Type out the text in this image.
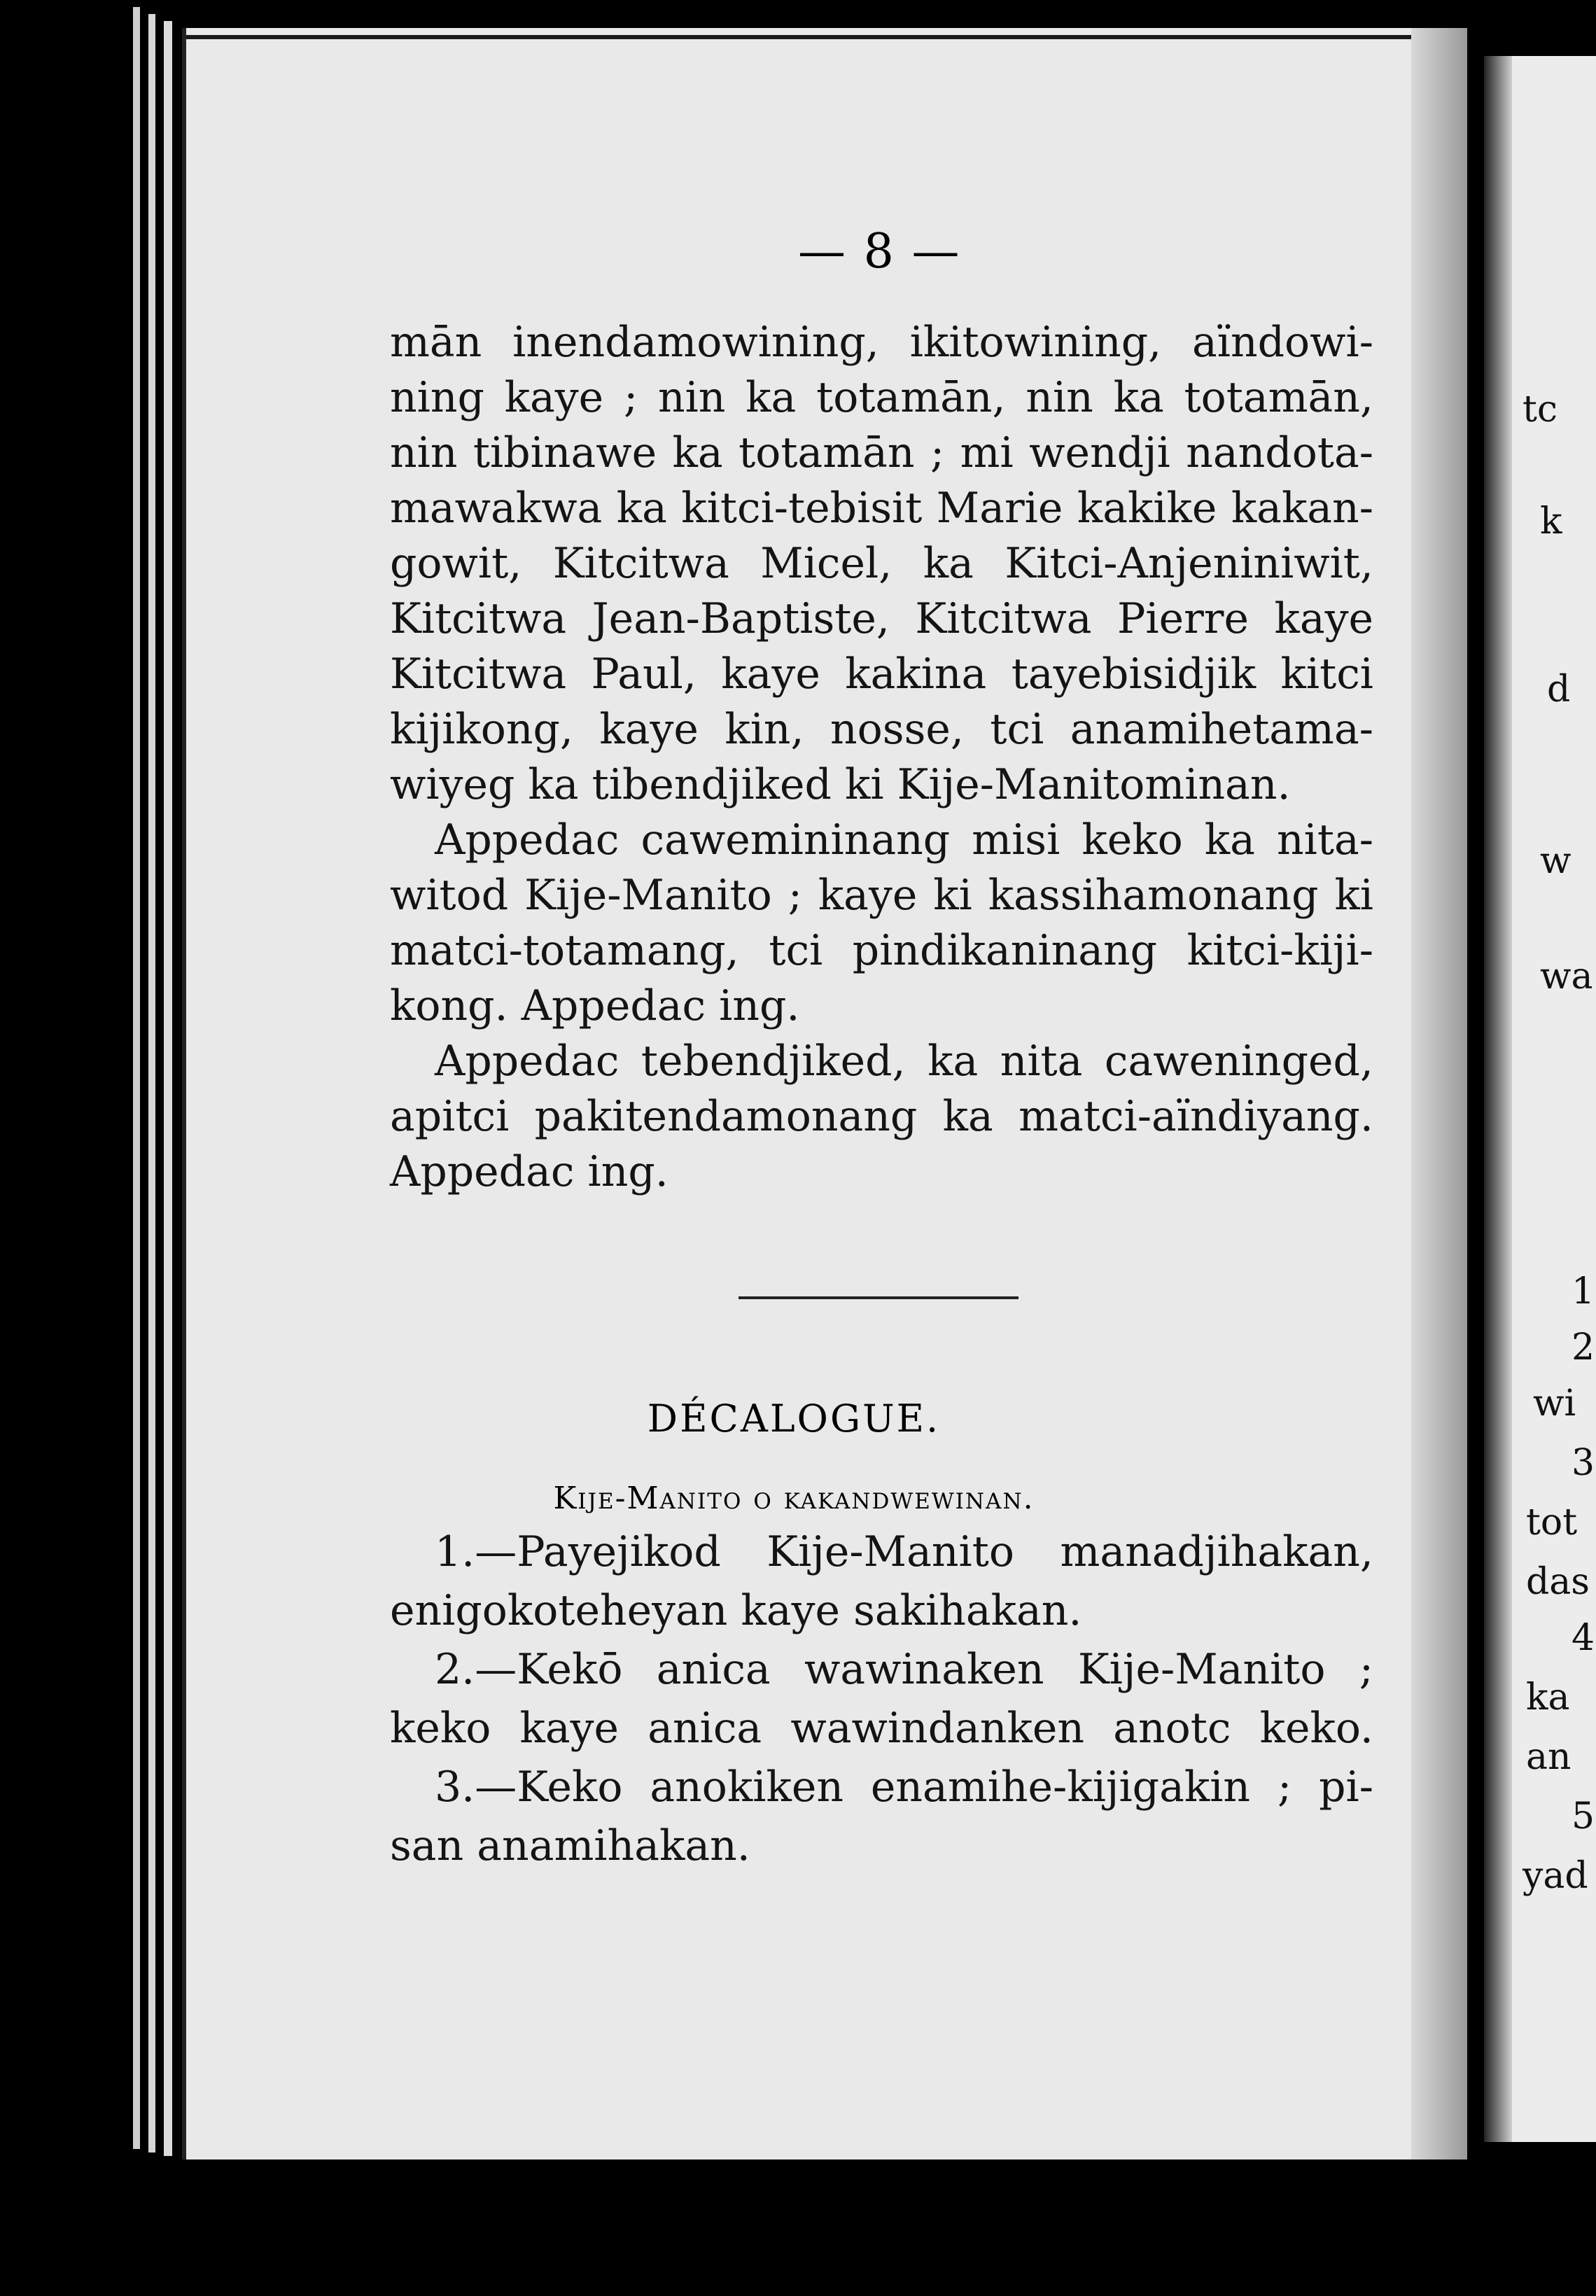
tc
k
d
w
wa
1
2
wi
3
tot
das
4
ka
an
5
yad
— 8 —
mān inendamowining, ikitowining, aïndowi-
ning kaye ; nin ka totamān, nin ka totamān,
nin tibinawe ka totamān ; mi wendji nandota-
mawakwa ka kitci-tebisit Marie kakike kakan-
gowit, Kitcitwa Micel, ka Kitci-Anjeniniwit,
Kitcitwa Jean-Baptiste, Kitcitwa Pierre kaye
Kitcitwa Paul, kaye kakina tayebisidjik kitci
kijikong, kaye kin, nosse, tci anamihetama-
wiyeg ka tibendjiked ki Kije-Manitominan.
Appedac cawemininang misi keko ka nita-
witod Kije-Manito ; kaye ki kassihamonang ki
matci-totamang, tci pindikaninang kitci-kiji-
kong. Appedac ing.
Appedac tebendjiked, ka nita caweninged,
apitci pakitendamonang ka matci-aïndiyang.
Appedac ing.
DÉCALOGUE.
Kije-Manito o kakandwewinan.
1.—Payejikod Kije-Manito manadjihakan,
enigokoteheyan kaye sakihakan.
2.—Kekō anica wawinaken Kije-Manito ;
keko kaye anica wawindanken anotc keko.
3.—Keko anokiken enamihe-kijigakin ; pi-
san anamihakan.
